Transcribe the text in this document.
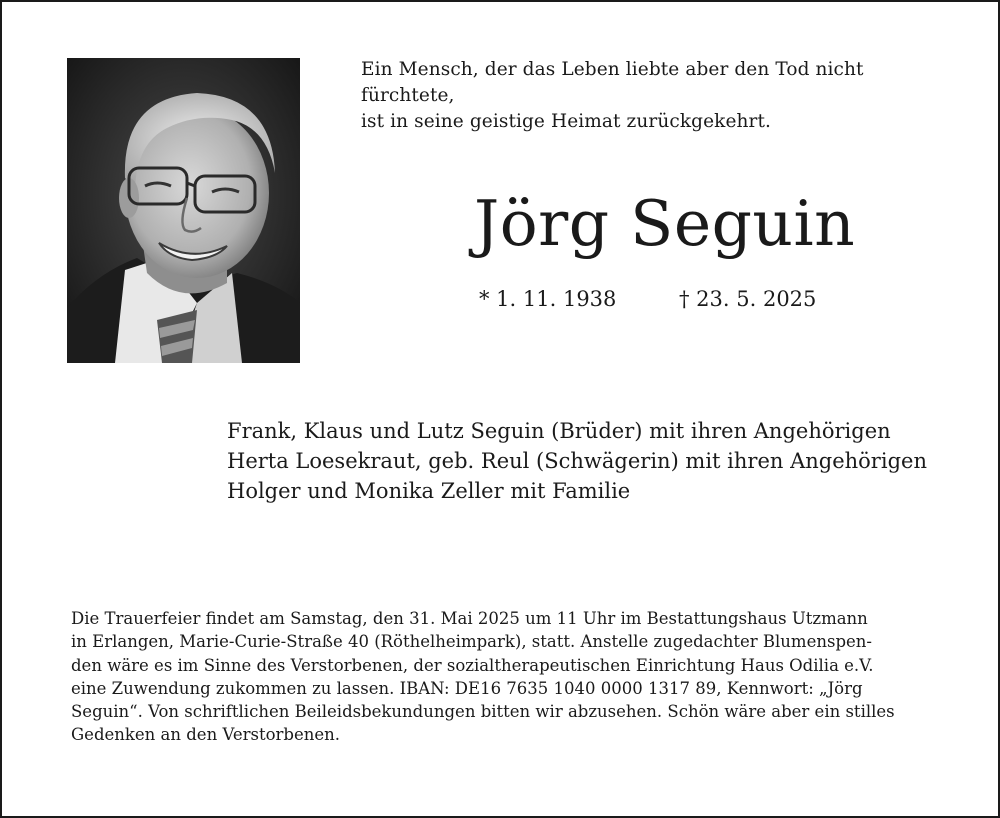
Ein Mensch, der das Leben liebte aber den Tod nicht fürchtete,
ist in seine geistige Heimat zurückgekehrt.
Jörg Seguin
* 1. 11. 1938	† 23. 5. 2025
Frank, Klaus und Lutz Seguin (Brüder) mit ihren Angehörigen
Herta Loesekraut, geb. Reul (Schwägerin) mit ihren Angehörigen
Holger und Monika Zeller mit Familie
Die Trauerfeier findet am Samstag, den 31. Mai 2025 um 11 Uhr im Bestattungshaus Utzmann
in Erlangen, Marie-Curie-Straße 40 (Röthelheimpark), statt. Anstelle zugedachter Blumenspen-
den wäre es im Sinne des Verstorbenen, der sozialtherapeutischen Einrichtung Haus Odilia e.V.
eine Zuwendung zukommen zu lassen. IBAN: DE16 7635 1040 0000 1317 89, Kennwort: „Jörg
Seguin“. Von schriftlichen Beileidsbekundungen bitten wir abzusehen. Schön wäre aber ein stilles
Gedenken an den Verstorbenen.
